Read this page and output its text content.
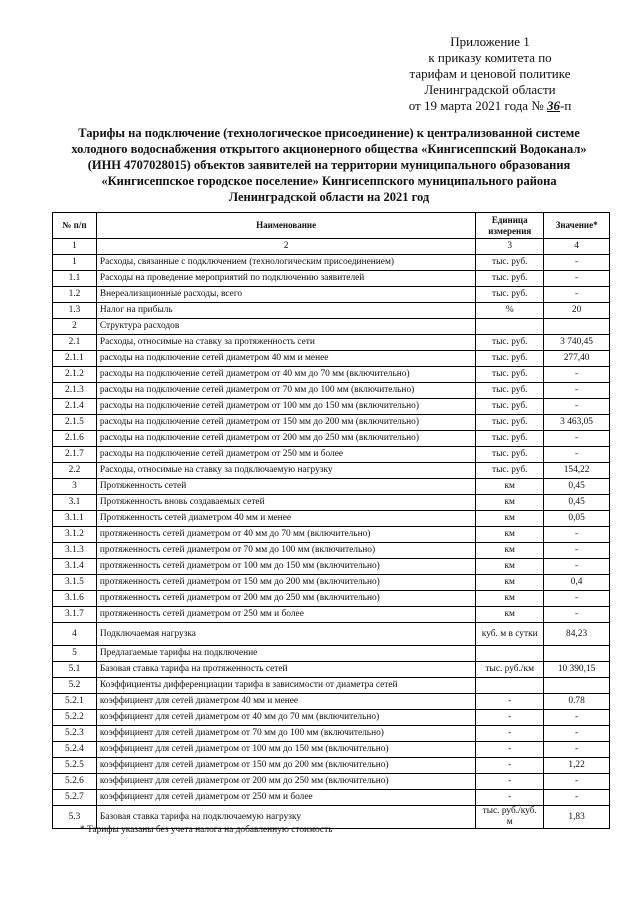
Приложение 1
к приказу комитета по
тарифам и ценовой политике
Ленинградской области
от 19 марта 2021 года № 36-п
Тарифы на подключение (технологическое присоединение) к централизованной системе
холодного водоснабжения открытого акционерного общества «Кингисеппский Водоканал»
(ИНН 4707028015) объектов заявителей на территории муниципального образования
«Кингисеппское городское поселение» Кингисеппского муниципального района
Ленинградской области на 2021 год
№ п/п	Наименование	Единица измерения	Значение*
1	2	3	4
1	Расходы, связанные с подключением (технологическим присоединением)	тыс. руб.	-
1.1	Расходы на проведение мероприятий по подключению заявителей	тыс. руб.	-
1.2	Внереализационные расходы, всего	тыс. руб.	-
1.3	Налог на прибыль	%	20
2	Структура расходов		
2.1	Расходы, относимые на ставку за протяженность сети	тыс. руб.	3 740,45
2.1.1	расходы на подключение сетей диаметром 40 мм и менее	тыс. руб.	277,40
2.1.2	расходы на подключение сетей диаметром от 40 мм до 70 мм (включительно)	тыс. руб.	-
2.1.3	расходы на подключение сетей диаметром от 70 мм до 100 мм (включительно)	тыс. руб.	-
2.1.4	расходы на подключение сетей диаметром от 100 мм до 150 мм (включительно)	тыс. руб.	-
2.1.5	расходы на подключение сетей диаметром от 150 мм до 200 мм (включительно)	тыс. руб.	3 463,05
2.1.6	расходы на подключение сетей диаметром от 200 мм до 250 мм (включительно)	тыс. руб.	-
2.1.7	расходы на подключение сетей диаметром от 250 мм и более	тыс. руб.	-
2.2	Расходы, относимые на ставку за подключаемую нагрузку	тыс. руб.	154,22
3	Протяженность сетей	км	0,45
3.1	Протяженность вновь создаваемых сетей	км	0,45
3.1.1	Протяженность сетей диаметром 40 мм и менее	км	0,05
3.1.2	протяженность сетей диаметром от 40 мм до 70 мм (включительно)	км	-
3.1.3	протяженность сетей диаметром от 70 мм до 100 мм (включительно)	км	-
3.1.4	протяженность сетей диаметром от 100 мм до 150 мм (включительно)	км	-
3.1.5	протяженность сетей диаметром от 150 мм до 200 мм (включительно)	км	0,4
3.1.6	протяженность сетей диаметром от 200 мм до 250 мм (включительно)	км	-
3.1.7	протяженность сетей диаметром от 250 мм и более	км	-
4	Подключаемая нагрузка	куб. м в сутки	84,23
5	Предлагаемые тарифы на подключение		
5.1	Базовая ставка тарифа на протяженность сетей	тыс. руб./км	10 390,15
5.2	Коэффициенты дифференциации тарифа в зависимости от диаметра сетей		
5.2.1	коэффициент для сетей диаметром 40 мм и менее	-	0.78
5.2.2	коэффициент для сетей диаметром от 40 мм до 70 мм (включительно)	-	-
5.2.3	коэффициент для сетей диаметром от 70 мм до 100 мм (включительно)	-	-
5.2.4	коэффициент для сетей диаметром от 100 мм до 150 мм (включительно)	-	-
5.2.5	коэффициент для сетей диаметром от 150 мм до 200 мм (включительно)	-	1,22
5.2.6	коэффициент для сетей диаметром от 200 мм до 250 мм (включительно)	-	-
5.2.7	коэффициент для сетей диаметром от 250 мм и более	-	-
5.3	Базовая ставка тарифа на подключаемую нагрузку	тыс. руб./куб. м	1,83
* Тарифы указаны без учета налога на добавленную стоимость
